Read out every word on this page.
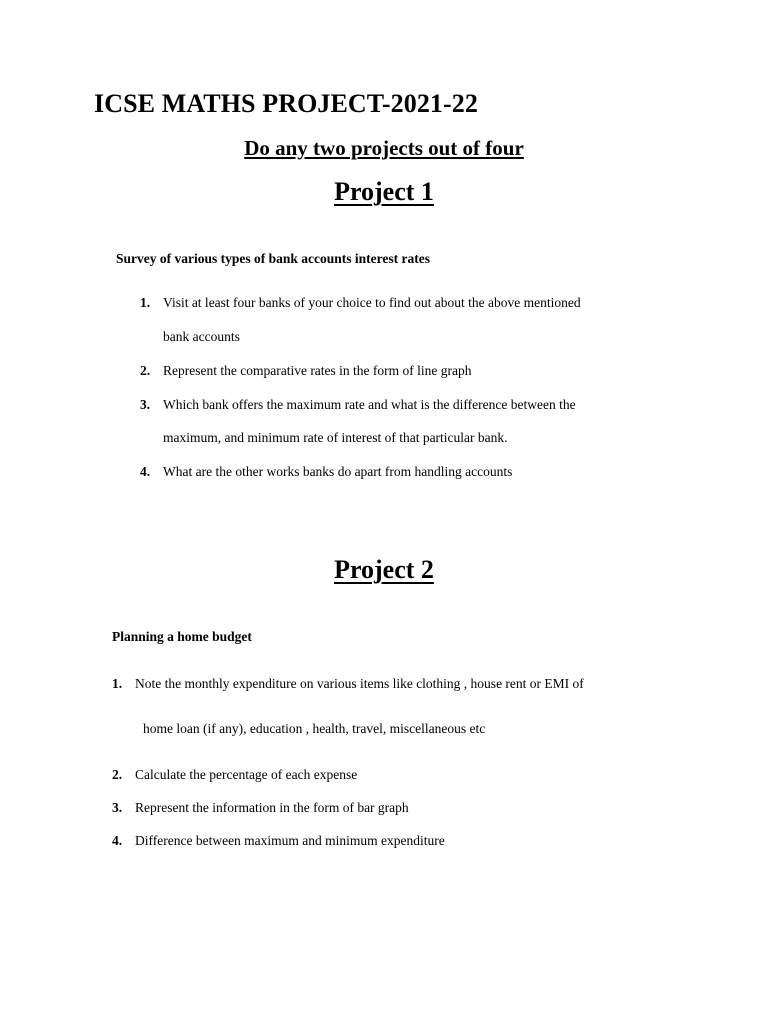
ICSE MATHS PROJECT-2021-22
Do any two projects out of four
Project 1
Survey of various types of bank accounts interest rates
1. Visit at least four banks of your choice to find out about the above mentioned
bank accounts
2. Represent the comparative rates in the form of line graph
3. Which bank offers the maximum rate and what is the difference between the
maximum, and minimum rate of interest of that particular bank.
4. What are the other works banks do apart from handling accounts
Project 2
Planning a home budget
1. Note the monthly expenditure on various items like clothing , house rent or EMI of
home loan (if any), education , health, travel, miscellaneous etc
2. Calculate the percentage of each expense
3. Represent the information in the form of bar graph
4. Difference between maximum and minimum expenditure
